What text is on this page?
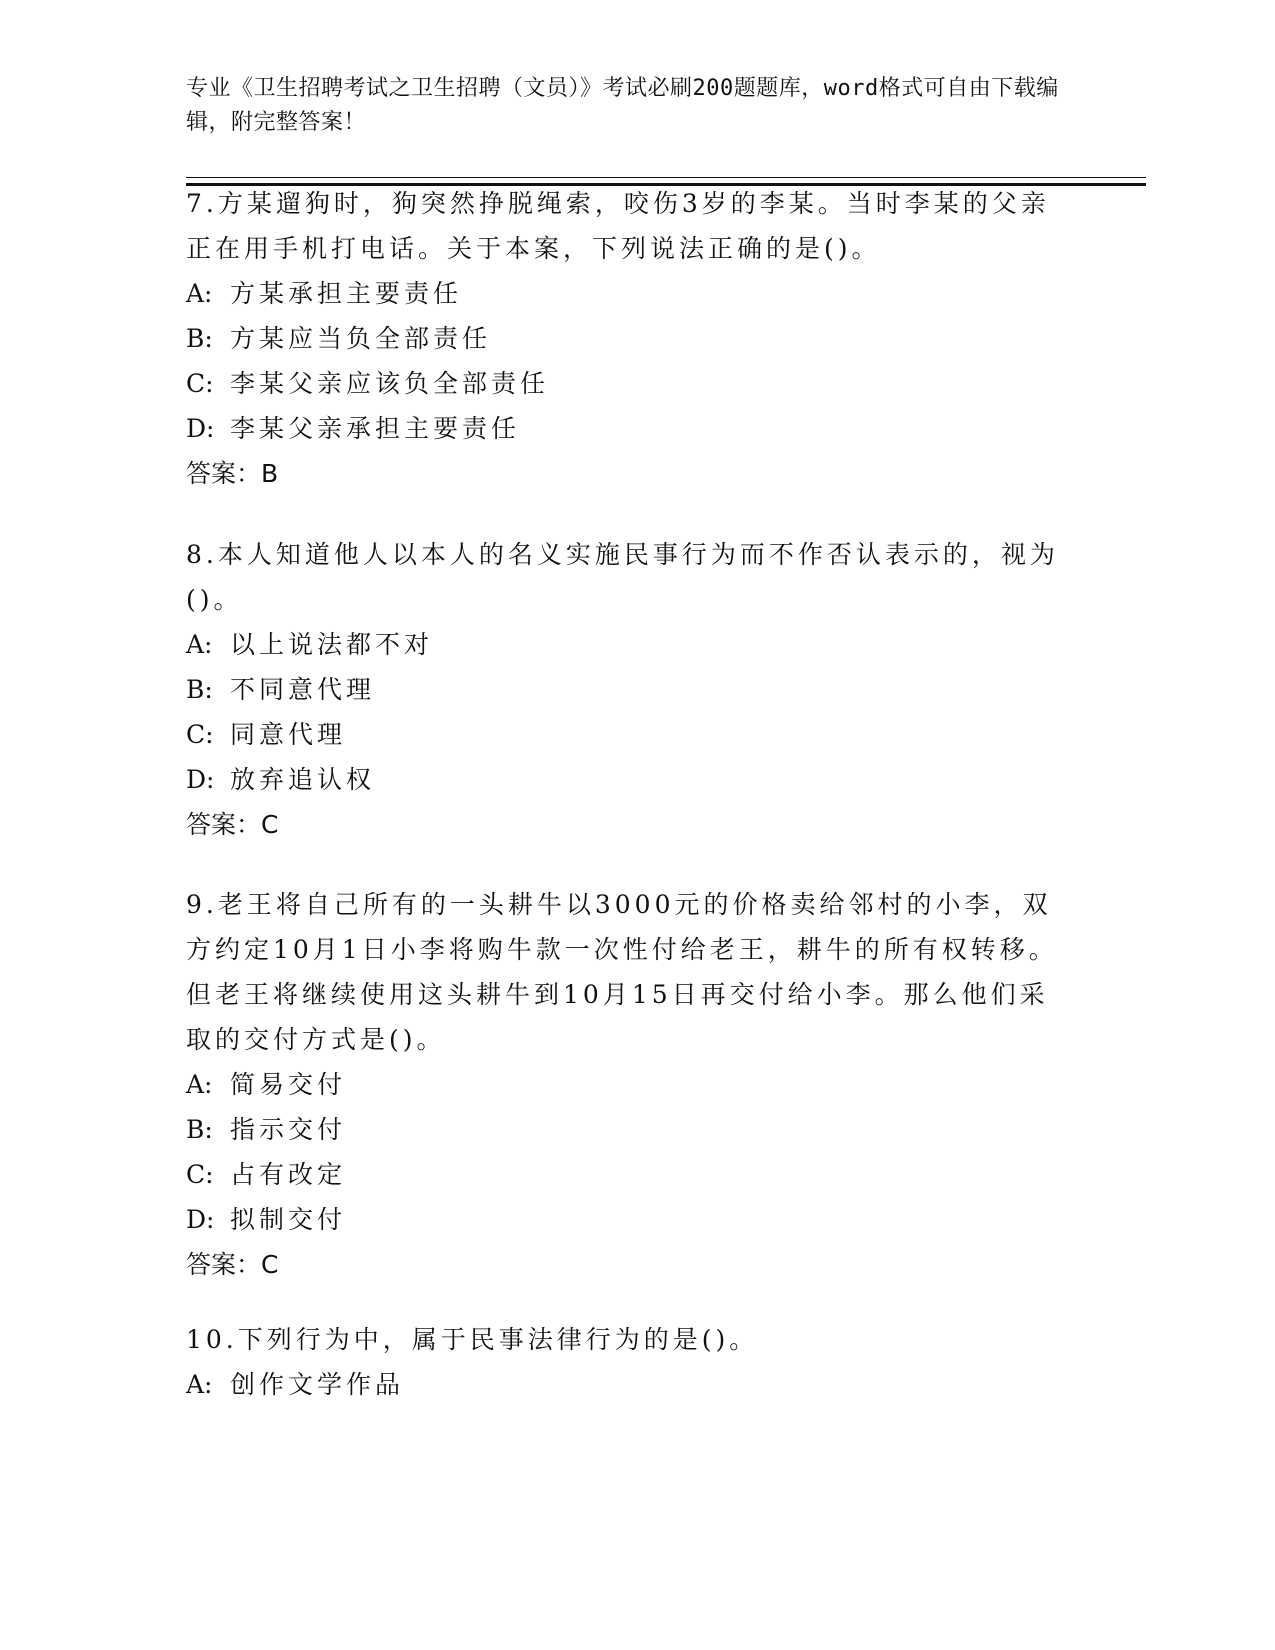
专业《卫生招聘考试之卫生招聘（文员）》考试必刷200题题库，word格式可自由下载编辑，附完整答案！

7.方某遛狗时，狗突然挣脱绳索，咬伤3岁的李某。当时李某的父亲正在用手机打电话。关于本案，下列说法正确的是()。

A: 方某承担主要责任

B: 方某应当负全部责任

C: 李某父亲应该负全部责任

D: 李某父亲承担主要责任

答案：B

8.本人知道他人以本人的名义实施民事行为而不作否认表示的，视为()。

A: 以上说法都不对

B: 不同意代理

C: 同意代理

D: 放弃追认权

答案：C

9.老王将自己所有的一头耕牛以3000元的价格卖给邻村的小李，双方约定10月1日小李将购牛款一次性付给老王，耕牛的所有权转移。但老王将继续使用这头耕牛到10月15日再交付给小李。那么他们采取的交付方式是()。

A: 简易交付

B: 指示交付

C: 占有改定

D: 拟制交付

答案：C

10.下列行为中，属于民事法律行为的是()。

A: 创作文学作品
